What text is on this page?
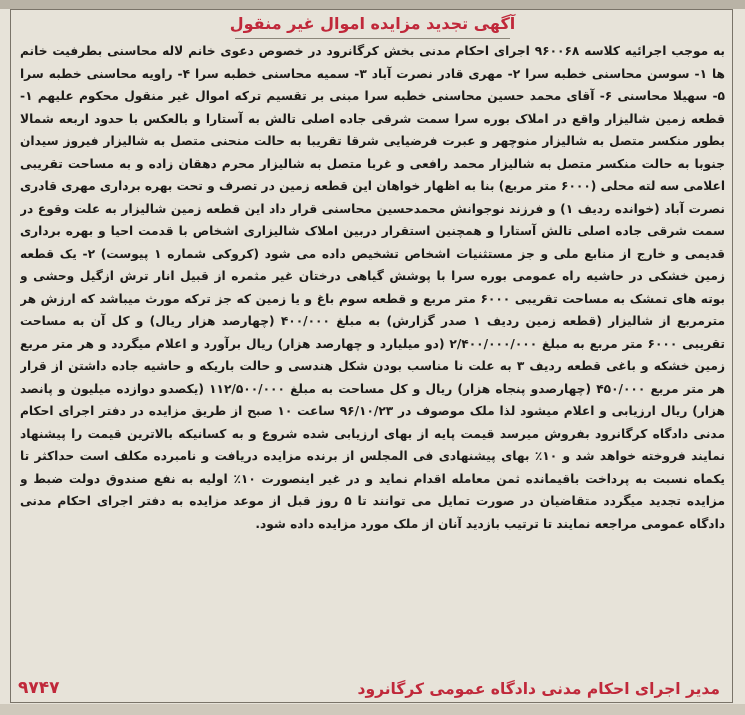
آگهی تجدید مزایده اموال غیر منقول
به موجب اجرائیه کلاسه ۹۶۰۰۶۸ اجرای احکام مدنی بخش کرگانرود در خصوص دعوی خانم لاله محاسنی بطرفیت خانم ها ۱- سوسن محاسنی خطبه سرا ۲- مهری قادر نصرت آباد ۳- سمیه محاسنی خطبه سرا ۴- راویه محاسنی خطبه سرا ۵- سهیلا محاسنی ۶- آقای محمد حسین محاسنی خطبه سرا مبنی بر تقسیم ترکه اموال غیر منقول محکوم علیهم ۱- قطعه زمین شالیزار واقع در املاک بوره سرا سمت شرقی جاده اصلی تالش به آستارا و بالعکس با حدود اربعه شمالا بطور منکسر متصل به شالیزار منوچهر و عبرت فرضیایی شرقا تقریبا به حالت منحنی متصل به شالیزار فیروز سیدان جنوبا به حالت منکسر متصل به شالیزار محمد رافعی و غربا متصل به شالیزار محرم دهقان زاده و به مساحت تقریبی اعلامی سه لته محلی (۶۰۰۰ متر مربع) بنا به اظهار خواهان این قطعه زمین در تصرف و تحت بهره برداری مهری قادری نصرت آباد (خوانده ردیف ۱) و فرزند نوجوانش محمدحسین محاسنی قرار داد این قطعه زمین شالیزار به علت وقوع در سمت شرقی جاده اصلی تالش آستارا و همچنین استقرار دربین املاک شالیزاری اشخاص با قدمت احیا و بهره برداری قدیمی و خارج از منابع ملی و جز مستثنیات اشخاص تشخیص داده می شود (کروکی شماره ۱ پیوست) ۲- یک قطعه زمین خشکی در حاشیه راه عمومی بوره سرا با پوشش گیاهی درختان غیر مثمره از قبیل انار ترش ازگیل وحشی و بوته های تمشک به مساحت تقریبی ۶۰۰۰ متر مربع و قطعه سوم باغ و یا زمین که جز ترکه مورث میباشد که ارزش هر مترمربع از شالیزار (قطعه زمین ردیف ۱ صدر گزارش) به مبلغ ۴۰۰/۰۰۰ (چهارصد هزار ریال) و کل آن به مساحت تقریبی ۶۰۰۰ متر مربع به مبلغ ۲/۴۰۰/۰۰۰/۰۰۰ (دو میلیارد و چهارصد هزار) ریال برآورد و اعلام میگردد و هر متر مربع زمین خشکه و باغی قطعه ردیف ۳ به علت نا مناسب بودن شکل هندسی و حالت باریکه و حاشیه جاده داشتن از قرار هر متر مربع ۴۵۰/۰۰۰ (چهارصدو پنجاه هزار) ریال و کل مساحت به مبلغ ۱۱۲/۵۰۰/۰۰۰ (یکصدو دوازده میلیون و پانصد هزار) ریال ارزیابی و اعلام میشود لذا ملک موصوف در ۹۶/۱۰/۲۳ ساعت ۱۰ صبح از طریق مزایده در دفتر اجرای احکام مدنی دادگاه کرگانرود بفروش میرسد قیمت پایه از بهای ارزیابی شده شروع و به کسانیکه بالاترین قیمت را پیشنهاد نمایند فروخته خواهد شد و ۱۰٪ بهای پیشنهادی فی المجلس از برنده مزایده دریافت و نامبرده مکلف است حداکثر تا یکماه نسبت به پرداخت باقیمانده ثمن معامله اقدام نماید و در غیر اینصورت ۱۰٪ اولیه به نفع صندوق دولت ضبط و مزایده تجدید میگردد متقاضیان در صورت تمایل می توانند تا ۵ روز قبل از موعد مزایده به دفتر اجرای احکام مدنی دادگاه عمومی مراجعه نمایند تا ترتیب بازدید آنان از ملک مورد مزایده داده شود.
۹۷۴۷	مدیر اجرای احکام مدنی دادگاه عمومی کرگانرود
